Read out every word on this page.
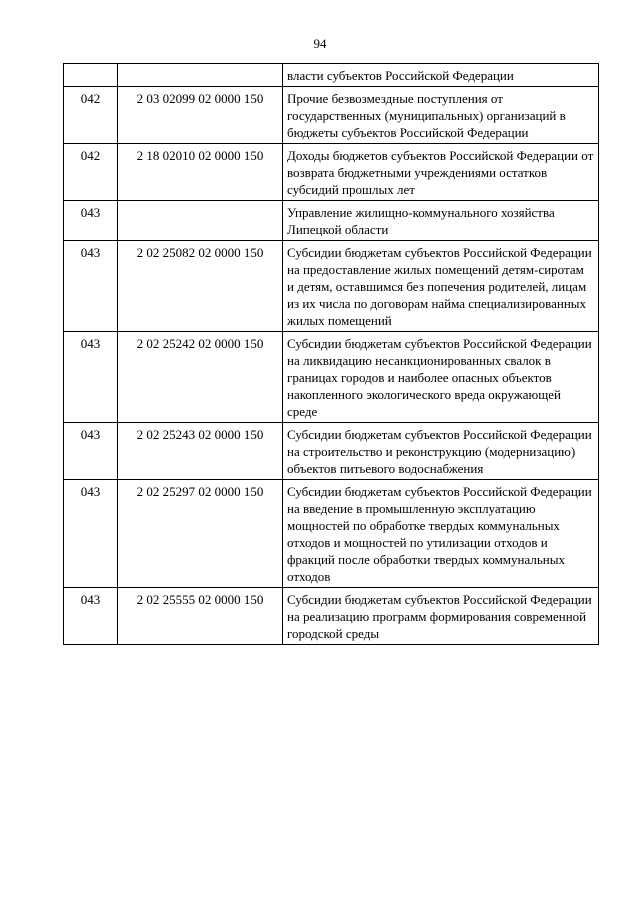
94
		власти субъектов Российской Федерации
042	2 03 02099 02 0000 150	Прочие безвозмездные поступления от государственных (муниципальных) организаций в бюджеты субъектов Российской Федерации
042	2 18 02010 02 0000 150	Доходы бюджетов субъектов Российской Федерации от возврата бюджетными учреждениями остатков субсидий прошлых лет
043		Управление жилищно-коммунального хозяйства Липецкой области
043	2 02 25082 02 0000 150	Субсидии бюджетам субъектов Российской Федерации на предоставление жилых помещений детям-сиротам и детям, оставшимся без попечения родителей, лицам из их числа по договорам найма специализированных жилых помещений
043	2 02 25242 02 0000 150	Субсидии бюджетам субъектов Российской Федерации на ликвидацию несанкционированных свалок в границах городов и наиболее опасных объектов накопленного экологического вреда окружающей среде
043	2 02 25243 02 0000 150	Субсидии бюджетам субъектов Российской Федерации на строительство и реконструкцию (модернизацию) объектов питьевого водоснабжения
043	2 02 25297 02 0000 150	Субсидии бюджетам субъектов Российской Федерации на введение в промышленную эксплуатацию мощностей по обработке твердых коммунальных отходов и мощностей по утилизации отходов и фракций после обработки твердых коммунальных отходов
043	2 02 25555 02 0000 150	Субсидии бюджетам субъектов Российской Федерации на реализацию программ формирования современной городской среды
